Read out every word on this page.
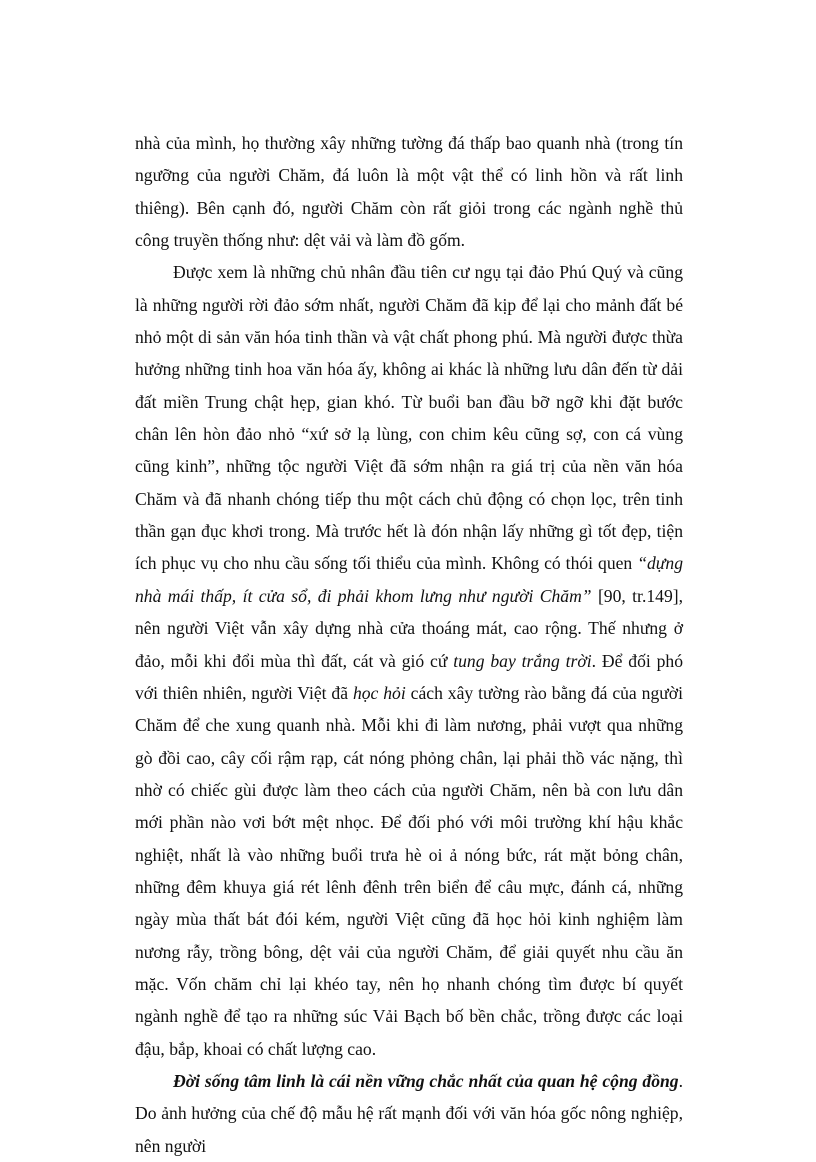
nhà của mình, họ thường xây những tường đá thấp bao quanh nhà (trong tín ngưỡng của người Chăm, đá luôn là một vật thể có linh hồn và rất linh thiêng). Bên cạnh đó, người Chăm còn rất giỏi trong các ngành nghề thủ công truyền thống như: dệt vải và làm đồ gốm.

Được xem là những chủ nhân đầu tiên cư ngụ tại đảo Phú Quý và cũng là những người rời đảo sớm nhất, người Chăm đã kịp để lại cho mảnh đất bé nhỏ một di sản văn hóa tinh thần và vật chất phong phú. Mà người được thừa hưởng những tinh hoa văn hóa ấy, không ai khác là những lưu dân đến từ dải đất miền Trung chật hẹp, gian khó. Từ buổi ban đầu bỡ ngỡ khi đặt bước chân lên hòn đảo nhỏ “xứ sở lạ lùng, con chim kêu cũng sợ, con cá vùng cũng kinh”, những tộc người Việt đã sớm nhận ra giá trị của nền văn hóa Chăm và đã nhanh chóng tiếp thu một cách chủ động có chọn lọc, trên tinh thần gạn đục khơi trong. Mà trước hết là đón nhận lấy những gì tốt đẹp, tiện ích phục vụ cho nhu cầu sống tối thiểu của mình. Không có thói quen “dựng nhà mái thấp, ít cửa sổ, đi phải khom lưng như người Chăm” [90, tr.149], nên người Việt vẫn xây dựng nhà cửa thoáng mát, cao rộng. Thế nhưng ở đảo, mỗi khi đổi mùa thì đất, cát và gió cứ tung bay trắng trời. Để đối phó với thiên nhiên, người Việt đã học hỏi cách xây tường rào bằng đá của người Chăm để che xung quanh nhà. Mỗi khi đi làm nương, phải vượt qua những gò đồi cao, cây cối rậm rạp, cát nóng phỏng chân, lại phải thồ vác nặng, thì nhờ có chiếc gùi được làm theo cách của người Chăm, nên bà con lưu dân mới phần nào vơi bớt mệt nhọc. Để đối phó với môi trường khí hậu khắc nghiệt, nhất là vào những buổi trưa hè oi ả nóng bức, rát mặt bỏng chân, những đêm khuya giá rét lênh đênh trên biển để câu mực, đánh cá, những ngày mùa thất bát đói kém, người Việt cũng đã học hỏi kinh nghiệm làm nương rẫy, trồng bông, dệt vải của người Chăm, để giải quyết nhu cầu ăn mặc. Vốn chăm chỉ lại khéo tay, nên họ nhanh chóng tìm được bí quyết ngành nghề để tạo ra những súc Vải Bạch bố bền chắc, trồng được các loại đậu, bắp, khoai có chất lượng cao.

Đời sống tâm linh là cái nền vững chắc nhất của quan hệ cộng đồng. Do ảnh hưởng của chế độ mẫu hệ rất mạnh đối với văn hóa gốc nông nghiệp, nên người
